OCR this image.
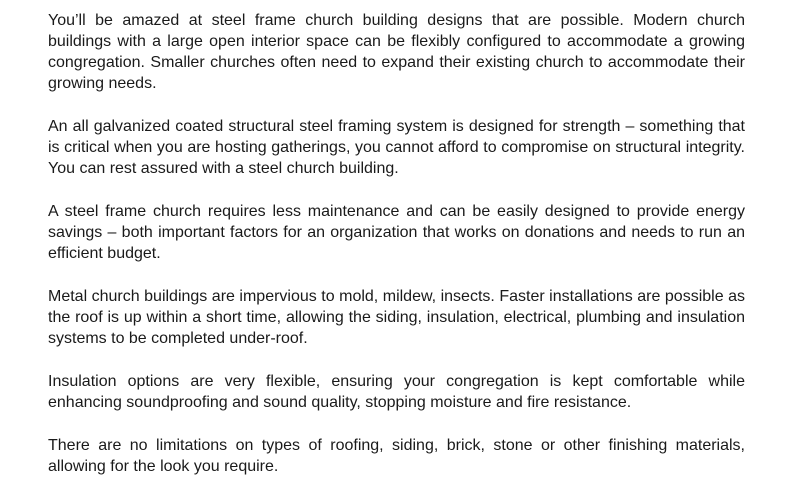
You’ll be amazed at steel frame church building designs that are possible. Modern church buildings with a large open interior space can be flexibly configured to accommodate a growing congregation. Smaller churches often need to expand their existing church to accommodate their growing needs.

An all galvanized coated structural steel framing system is designed for strength – something that is critical when you are hosting gatherings, you cannot afford to compromise on structural integrity. You can rest assured with a steel church building.

A steel frame church requires less maintenance and can be easily designed to provide energy savings – both important factors for an organization that works on donations and needs to run an efficient budget.

Metal church buildings are impervious to mold, mildew, insects. Faster installations are possible as the roof is up within a short time, allowing the siding, insulation, electrical, plumbing and insulation systems to be completed under-roof.

Insulation options are very flexible, ensuring your congregation is kept comfortable while enhancing soundproofing and sound quality, stopping moisture and fire resistance.

There are no limitations on types of roofing, siding, brick, stone or other finishing materials, allowing for the look you require.
